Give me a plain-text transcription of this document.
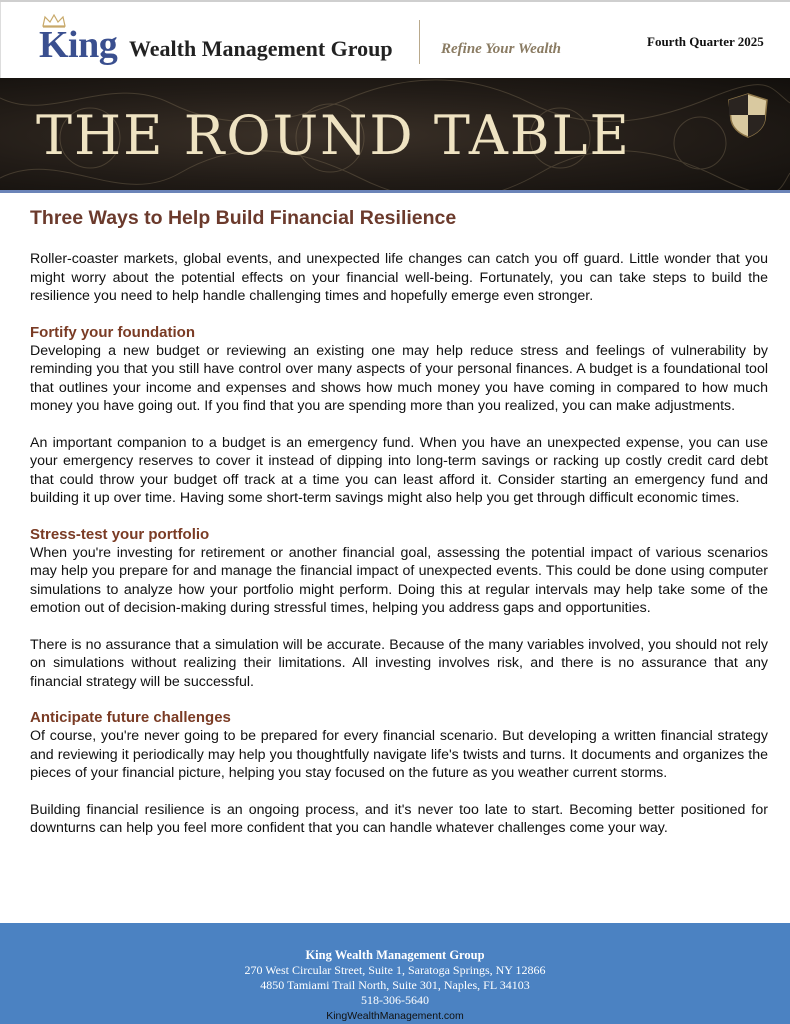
King Wealth Management Group	Refine Your Wealth	Fourth Quarter 2025
THE ROUND TABLE
Three Ways to Help Build Financial Resilience

Roller-coaster markets, global events, and unexpected life changes can catch you off guard. Little wonder that you might worry about the potential effects on your financial well-being. Fortunately, you can take steps to build the resilience you need to help handle challenging times and hopefully emerge even stronger.

Fortify your foundation

Developing a new budget or reviewing an existing one may help reduce stress and feelings of vulnerability by reminding you that you still have control over many aspects of your personal finances. A budget is a foundational tool that outlines your income and expenses and shows how much money you have coming in compared to how much money you have going out. If you find that you are spending more than you realized, you can make adjustments.

An important companion to a budget is an emergency fund. When you have an unexpected expense, you can use your emergency reserves to cover it instead of dipping into long-term savings or racking up costly credit card debt that could throw your budget off track at a time you can least afford it. Consider starting an emergency fund and building it up over time. Having some short-term savings might also help you get through difficult economic times.

Stress-test your portfolio

When you're investing for retirement or another financial goal, assessing the potential impact of various scenarios may help you prepare for and manage the financial impact of unexpected events. This could be done using computer simulations to analyze how your portfolio might perform. Doing this at regular intervals may help take some of the emotion out of decision-making during stressful times, helping you address gaps and opportunities.

There is no assurance that a simulation will be accurate. Because of the many variables involved, you should not rely on simulations without realizing their limitations. All investing involves risk, and there is no assurance that any financial strategy will be successful.

Anticipate future challenges

Of course, you're never going to be prepared for every financial scenario. But developing a written financial strategy and reviewing it periodically may help you thoughtfully navigate life's twists and turns. It documents and organizes the pieces of your financial picture, helping you stay focused on the future as you weather current storms.

Building financial resilience is an ongoing process, and it's never too late to start. Becoming better positioned for downturns can help you feel more confident that you can handle whatever challenges come your way.

King Wealth Management Group
270 West Circular Street, Suite 1, Saratoga Springs, NY 12866
4850 Tamiami Trail North, Suite 301, Naples, FL 34103
518-306-5640
KingWealthManagement.com
